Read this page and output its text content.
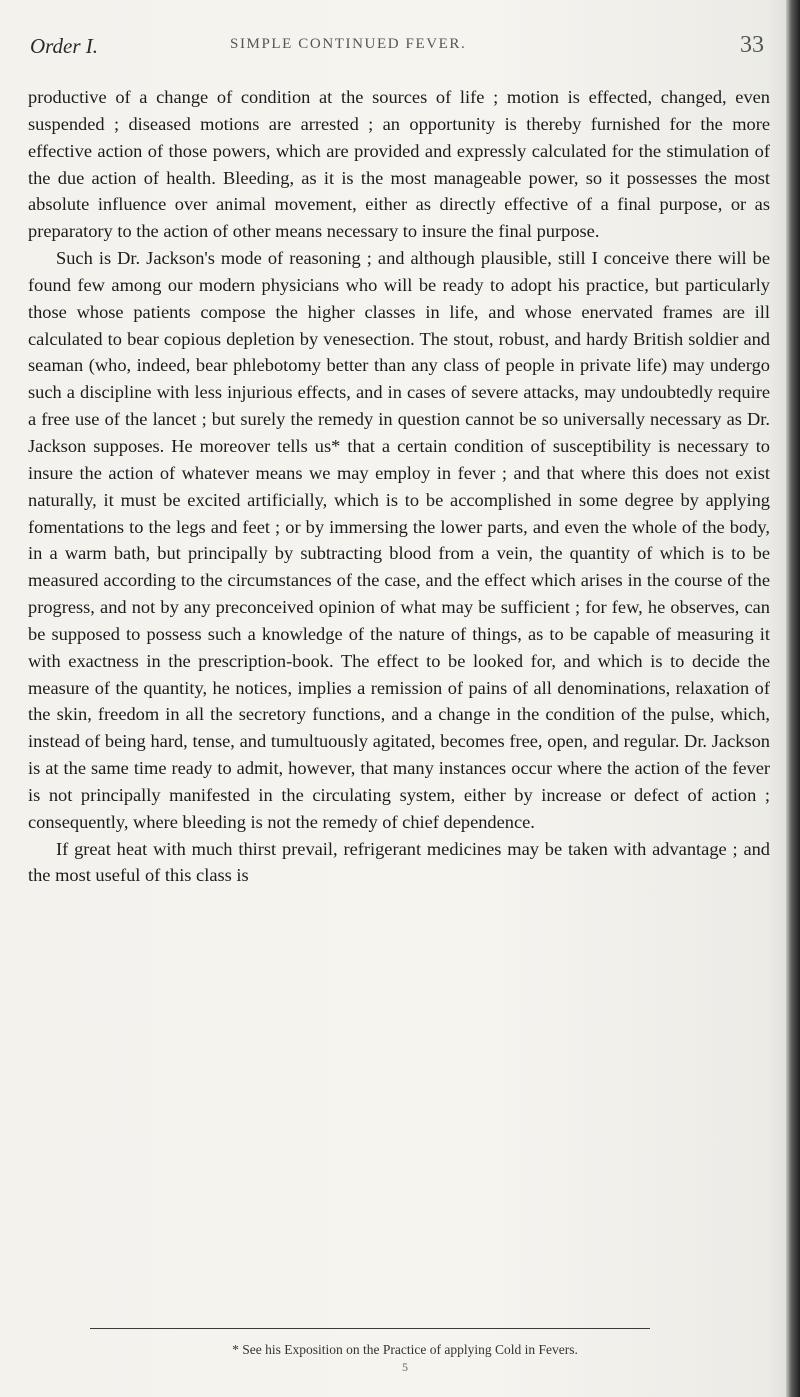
Order I.	SIMPLE CONTINUED FEVER.	33

productive of a change of condition at the sources of life ; motion is effected, changed, even suspended ; diseased motions are arrested ; an opportunity is thereby furnished for the more effective action of those powers, which are provided and expressly calculated for the stimulation of the due action of health. Bleeding, as it is the most manageable power, so it possesses the most absolute influence over animal movement, either as directly effective of a final purpose, or as preparatory to the action of other means necessary to insure the final purpose.

Such is Dr. Jackson's mode of reasoning ; and although plausible, still I conceive there will be found few among our modern physicians who will be ready to adopt his practice, but particularly those whose patients compose the higher classes in life, and whose enervated frames are ill calculated to bear copious depletion by venesection. The stout, robust, and hardy British soldier and seaman (who, indeed, bear phlebotomy better than any class of people in private life) may undergo such a discipline with less injurious effects, and in cases of severe attacks, may undoubtedly require a free use of the lancet ; but surely the remedy in question cannot be so universally necessary as Dr. Jackson supposes. He moreover tells us* that a certain condition of susceptibility is necessary to insure the action of whatever means we may employ in fever ; and that where this does not exist naturally, it must be excited artificially, which is to be accomplished in some degree by applying fomentations to the legs and feet ; or by immersing the lower parts, and even the whole of the body, in a warm bath, but principally by subtracting blood from a vein, the quantity of which is to be measured according to the circumstances of the case, and the effect which arises in the course of the progress, and not by any preconceived opinion of what may be sufficient ; for few, he observes, can be supposed to possess such a knowledge of the nature of things, as to be capable of measuring it with exactness in the prescription-book. The effect to be looked for, and which is to decide the measure of the quantity, he notices, implies a remission of pains of all denominations, relaxation of the skin, freedom in all the secretory functions, and a change in the condition of the pulse, which, instead of being hard, tense, and tumultuously agitated, becomes free, open, and regular. Dr. Jackson is at the same time ready to admit, however, that many instances occur where the action of the fever is not principally manifested in the circulating system, either by increase or defect of action ; consequently, where bleeding is not the remedy of chief dependence.

If great heat with much thirst prevail, refrigerant medicines may be taken with advantage ; and the most useful of this class is

* See his Exposition on the Practice of applying Cold in Fevers.
5
